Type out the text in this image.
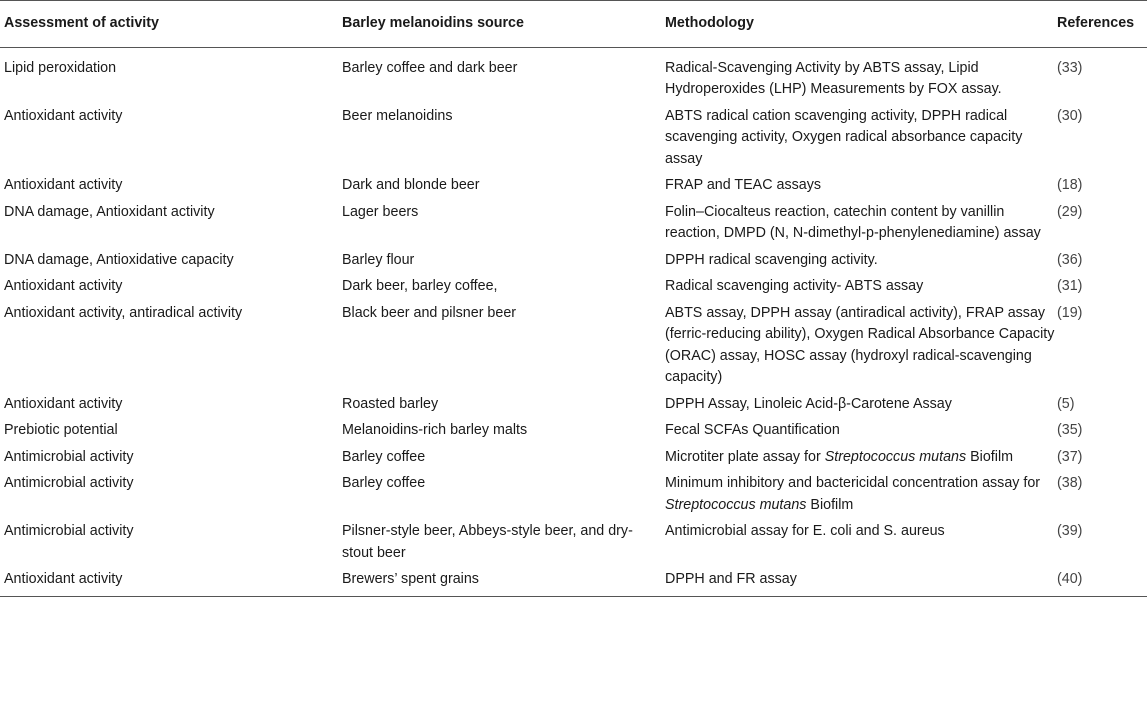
Assessment of activity	Barley melanoidins source	Methodology	References
Lipid peroxidation	Barley coffee and dark beer	Radical-Scavenging Activity by ABTS assay, Lipid Hydroperoxides (LHP) Measurements by FOX assay.	(33)
Antioxidant activity	Beer melanoidins	ABTS radical cation scavenging activity, DPPH radical scavenging activity, Oxygen radical absorbance capacity assay	(30)
Antioxidant activity	Dark and blonde beer	FRAP and TEAC assays	(18)
DNA damage, Antioxidant activity	Lager beers	Folin–Ciocalteus reaction, catechin content by vanillin reaction, DMPD (N, N-dimethyl-p-phenylenediamine) assay	(29)
DNA damage, Antioxidative capacity	Barley flour	DPPH radical scavenging activity.	(36)
Antioxidant activity	Dark beer, barley coffee,	Radical scavenging activity- ABTS assay	(31)
Antioxidant activity, antiradical activity	Black beer and pilsner beer	ABTS assay, DPPH assay (antiradical activity), FRAP assay (ferric-reducing ability), Oxygen Radical Absorbance Capacity (ORAC) assay, HOSC assay (hydroxyl radical-scavenging capacity)	(19)
Antioxidant activity	Roasted barley	DPPH Assay, Linoleic Acid-β-Carotene Assay	(5)
Prebiotic potential	Melanoidins-rich barley malts	Fecal SCFAs Quantification	(35)
Antimicrobial activity	Barley coffee	Microtiter plate assay for Streptococcus mutans Biofilm	(37)
Antimicrobial activity	Barley coffee	Minimum inhibitory and bactericidal concentration assay for Streptococcus mutans Biofilm	(38)
Antimicrobial activity	Pilsner-style beer, Abbeys-style beer, and dry-stout beer	Antimicrobial assay for E. coli and S. aureus	(39)
Antioxidant activity	Brewers’ spent grains	DPPH and FR assay	(40)
